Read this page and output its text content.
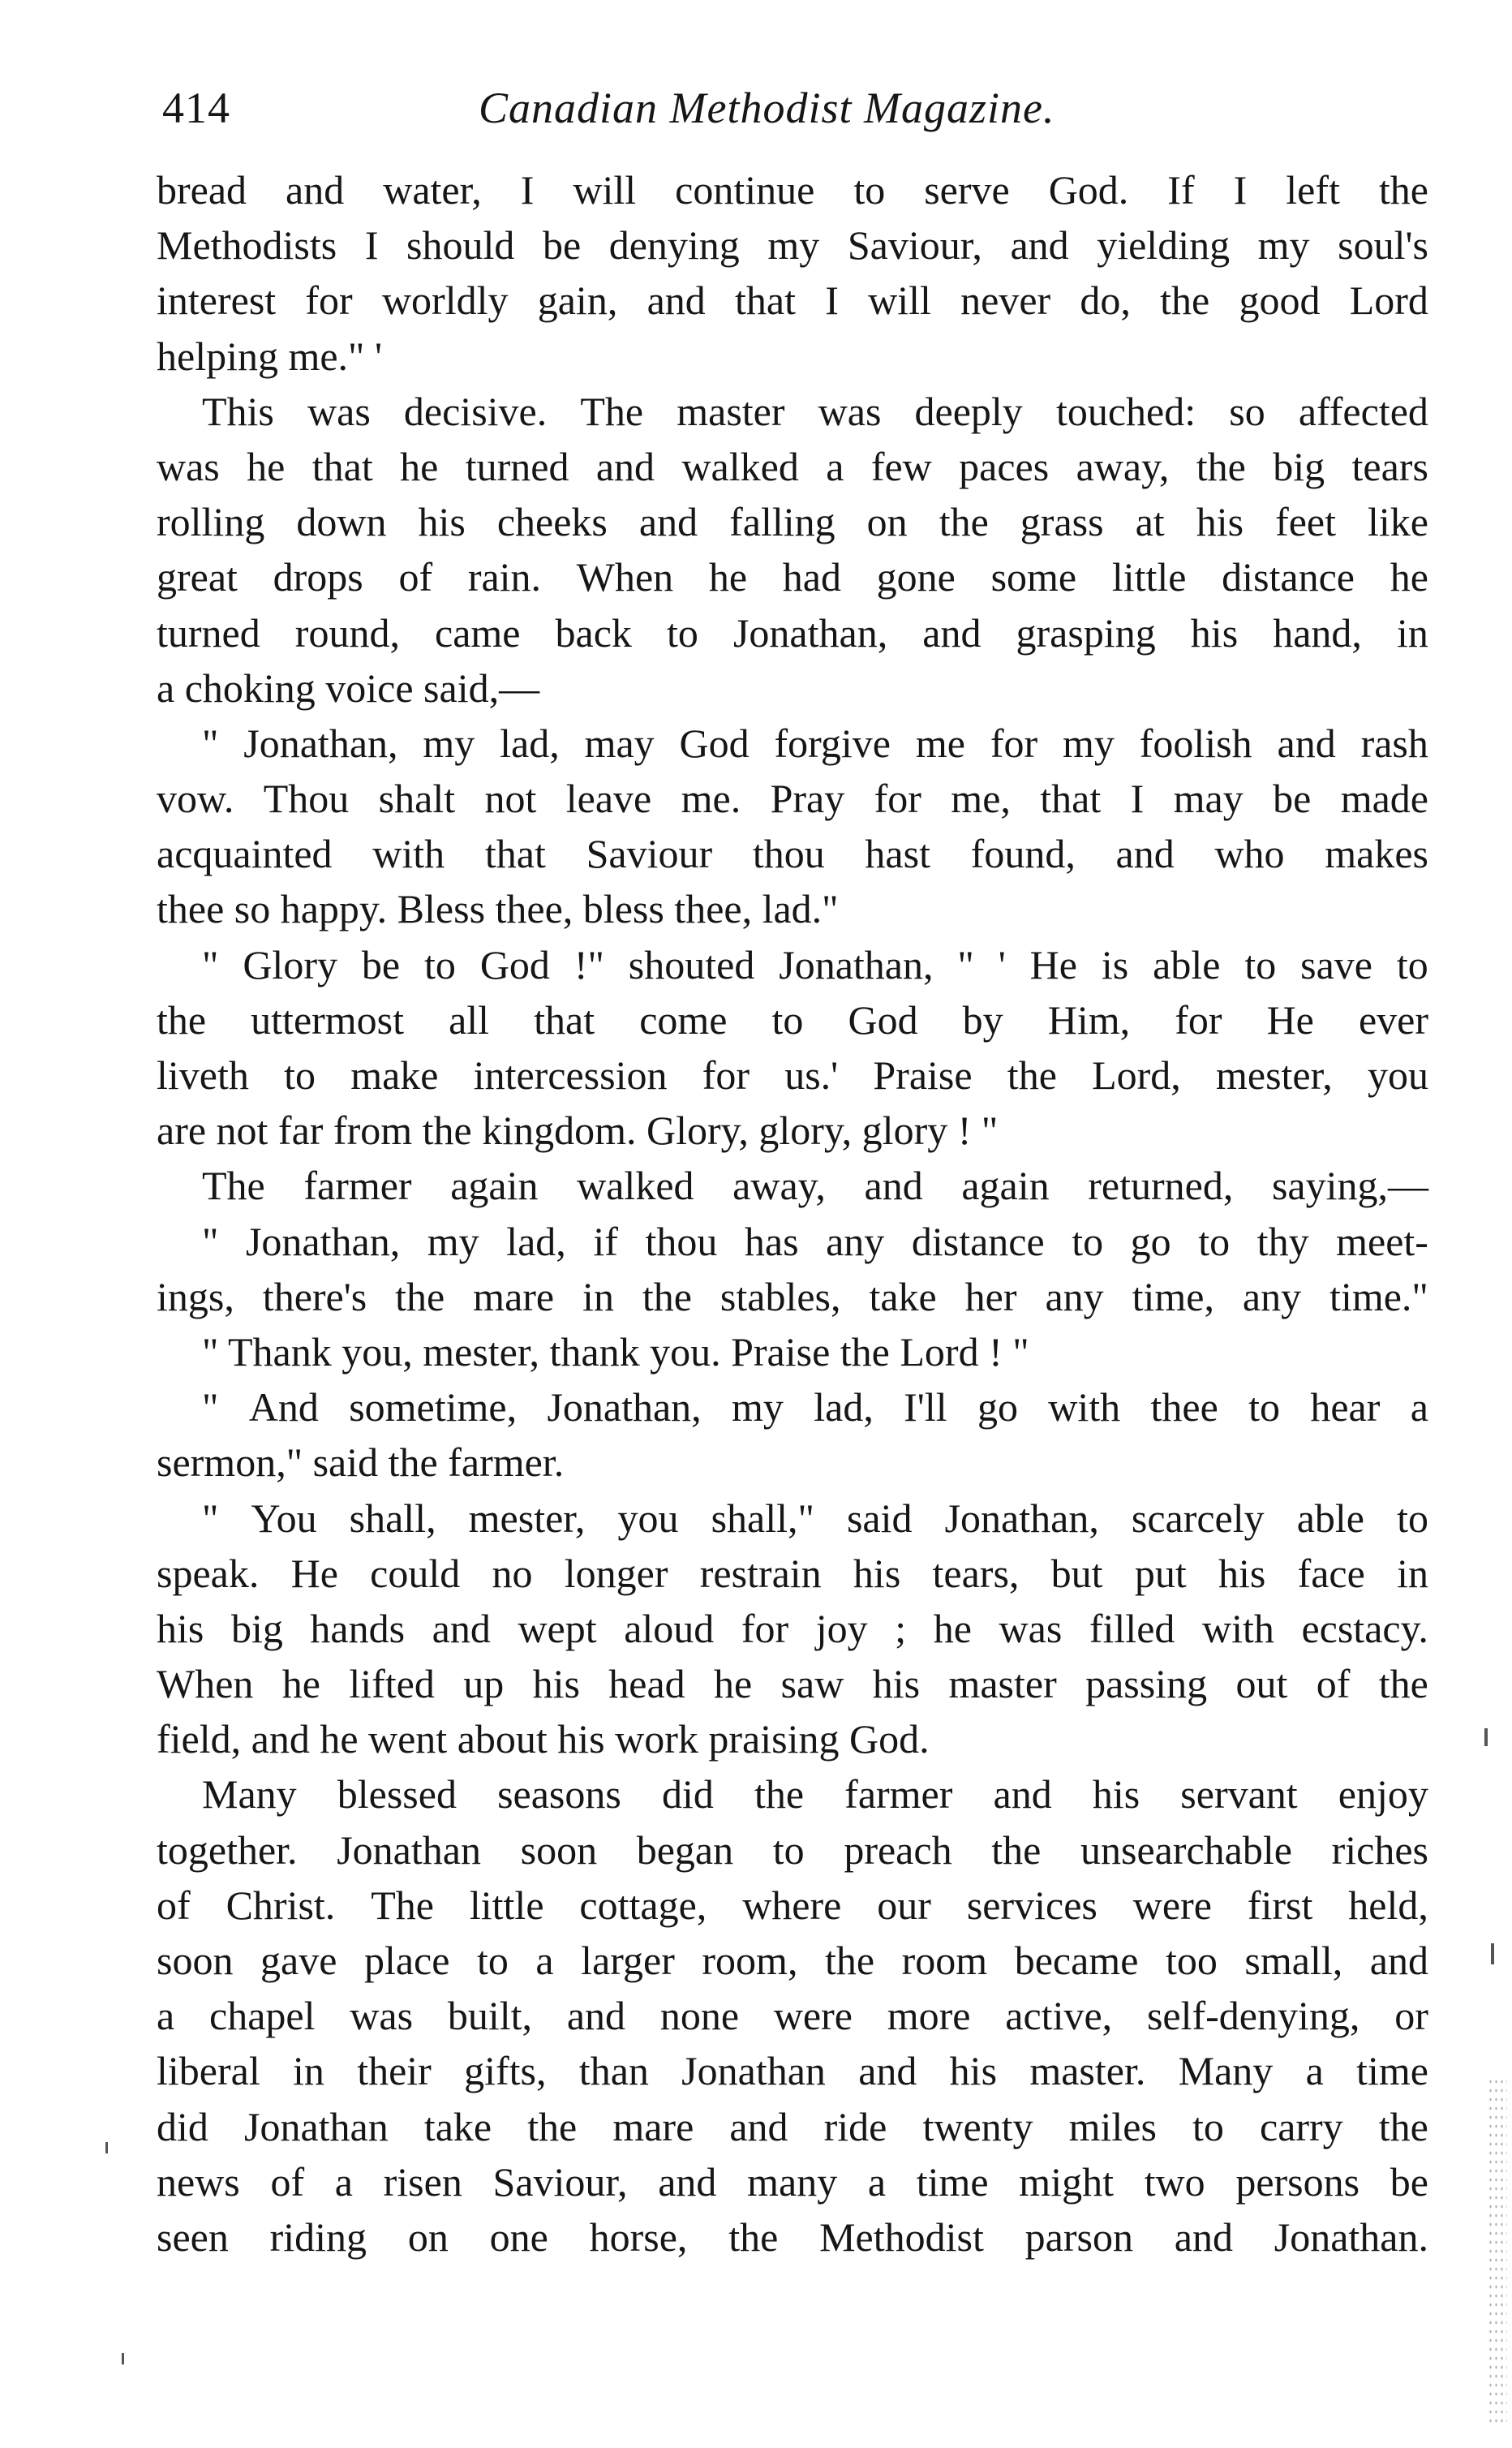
414	Canadian Methodist Magazine.
bread and water, I will continue to serve God. If I left the
Methodists I should be denying my Saviour, and yielding my soul's
interest for worldly gain, and that I will never do, the good Lord
helping me." '
This was decisive. The master was deeply touched: so affected
was he that he turned and walked a few paces away, the big tears
rolling down his cheeks and falling on the grass at his feet like
great drops of rain. When he had gone some little distance he
turned round, came back to Jonathan, and grasping his hand, in
a choking voice said,—
" Jonathan, my lad, may God forgive me for my foolish and rash
vow. Thou shalt not leave me. Pray for me, that I may be made
acquainted with that Saviour thou hast found, and who makes
thee so happy. Bless thee, bless thee, lad."
" Glory be to God !" shouted Jonathan, " ' He is able to save to
the uttermost all that come to God by Him, for He ever
liveth to make intercession for us.' Praise the Lord, mester, you
are not far from the kingdom. Glory, glory, glory ! "
The farmer again walked away, and again returned, saying,—
" Jonathan, my lad, if thou has any distance to go to thy meet-
ings, there's the mare in the stables, take her any time, any time."
" Thank you, mester, thank you. Praise the Lord ! "
" And sometime, Jonathan, my lad, I'll go with thee to hear a
sermon," said the farmer.
" You shall, mester, you shall," said Jonathan, scarcely able to
speak. He could no longer restrain his tears, but put his face in
his big hands and wept aloud for joy ; he was filled with ecstacy.
When he lifted up his head he saw his master passing out of the
field, and he went about his work praising God.
Many blessed seasons did the farmer and his servant enjoy
together. Jonathan soon began to preach the unsearchable riches
of Christ. The little cottage, where our services were first held,
soon gave place to a larger room, the room became too small, and
a chapel was built, and none were more active, self-denying, or
liberal in their gifts, than Jonathan and his master. Many a time
did Jonathan take the mare and ride twenty miles to carry the
news of a risen Saviour, and many a time might two persons be
seen riding on one horse, the Methodist parson and Jonathan.
